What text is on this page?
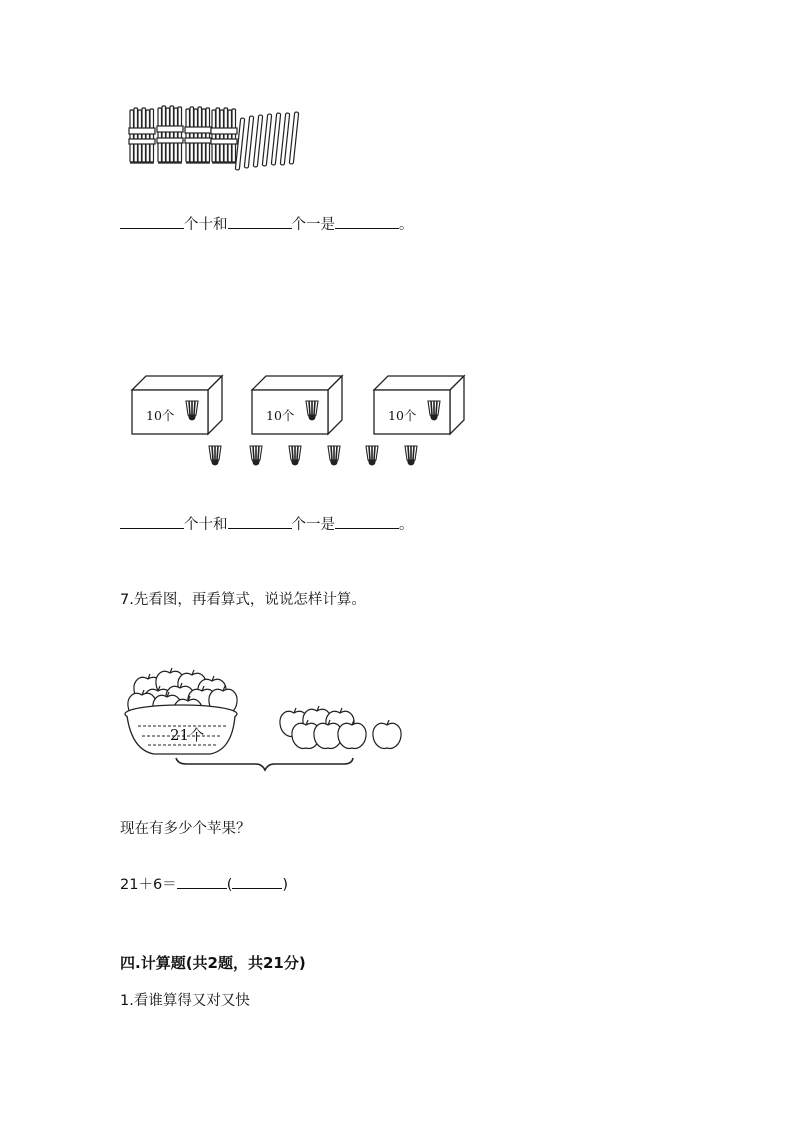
个十和	个一是	。
10个	10个	10个
个十和	个一是	。
7.先看图，再看算式，说说怎样计算。
21个
现在有多少个苹果？
21＋6＝	(	)
四.计算题(共2题，共21分)
1.看谁算得又对又快
